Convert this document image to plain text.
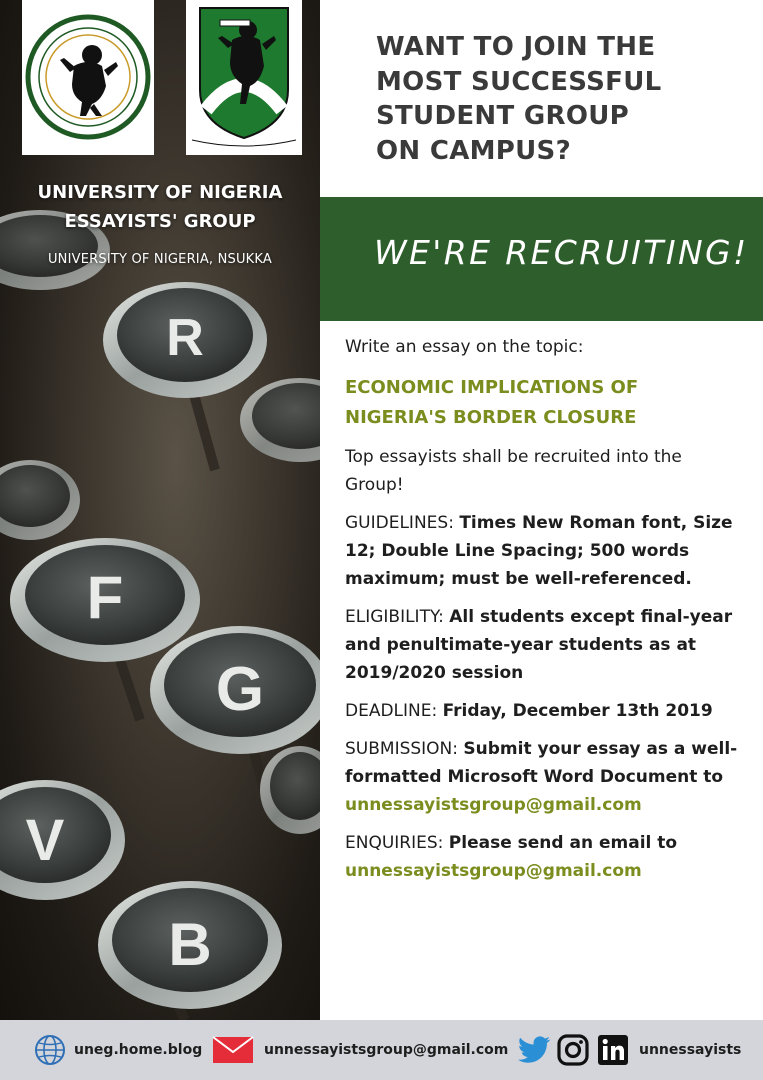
R
F
G
V
B
UNIVERSITY OF NIGERIA
ESSAYISTS' GROUP
UNIVERSITY OF NIGERIA, NSUKKA
WANT TO JOIN THE
MOST SUCCESSFUL
STUDENT GROUP
ON CAMPUS?
WE'RE RECRUITING!

Write an essay on the topic:

ECONOMIC IMPLICATIONS OF
NIGERIA'S BORDER CLOSURE

Top essayists shall be recruited into the Group!

GUIDELINES: Times New Roman font, Size 12; Double Line Spacing; 500 words maximum; must be well-referenced.

ELIGIBILITY: All students except final-year and penultimate-year students as at 2019/2020 session

DEADLINE: Friday, December 13th 2019

SUBMISSION: Submit your essay as a well-formatted Microsoft Word Document to
unnessayistsgroup@gmail.com

ENQUIRIES: Please send an email to
unnessayistsgroup@gmail.com

uneg.home.blog	unnessayistsgroup@gmail.com	unnessayists
